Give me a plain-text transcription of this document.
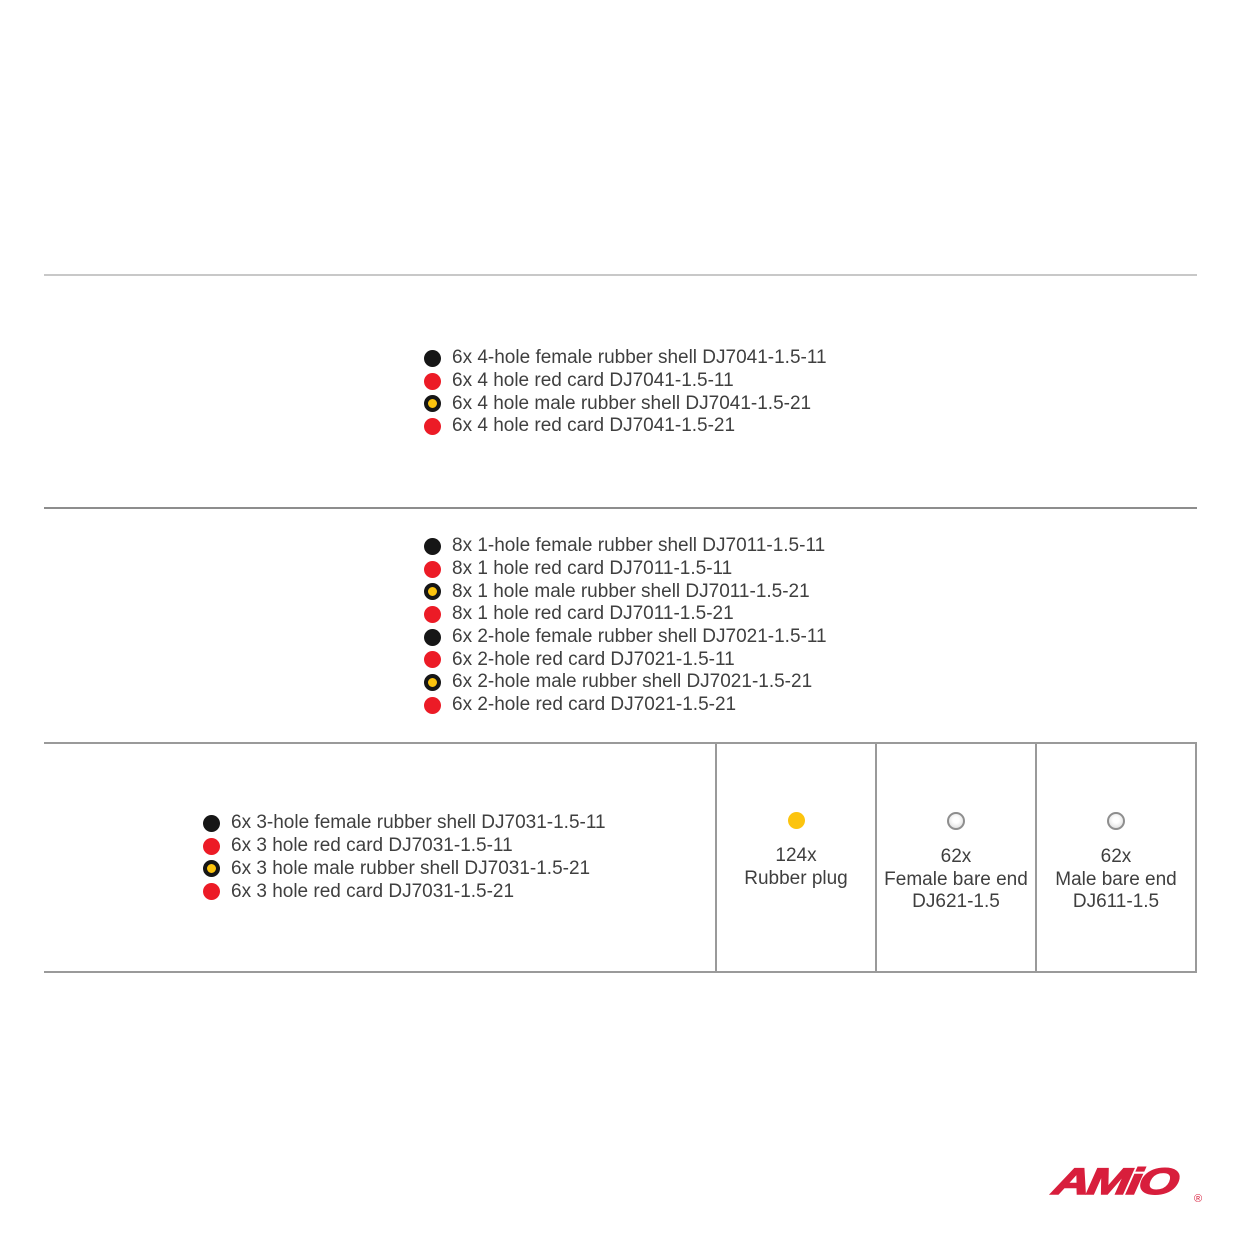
6x 4-hole female rubber shell DJ7041-1.5-11
6x 4 hole red card DJ7041-1.5-11
6x 4 hole male rubber shell DJ7041-1.5-21
6x 4 hole red card DJ7041-1.5-21
8x 1-hole female rubber shell DJ7011-1.5-11
8x 1 hole red card DJ7011-1.5-11
8x 1 hole male rubber shell DJ7011-1.5-21
8x 1 hole red card DJ7011-1.5-21
6x 2-hole female rubber shell DJ7021-1.5-11
6x 2-hole red card DJ7021-1.5-11
6x 2-hole male rubber shell DJ7021-1.5-21
6x 2-hole red card DJ7021-1.5-21
6x 3-hole female rubber shell DJ7031-1.5-11
6x 3 hole red card DJ7031-1.5-11
6x 3 hole male rubber shell DJ7031-1.5-21
6x 3 hole red card DJ7031-1.5-21
124x
Rubber plug
62x
Female bare end
DJ621-1.5
62x
Male bare end
DJ611-1.5
AMiO ®
